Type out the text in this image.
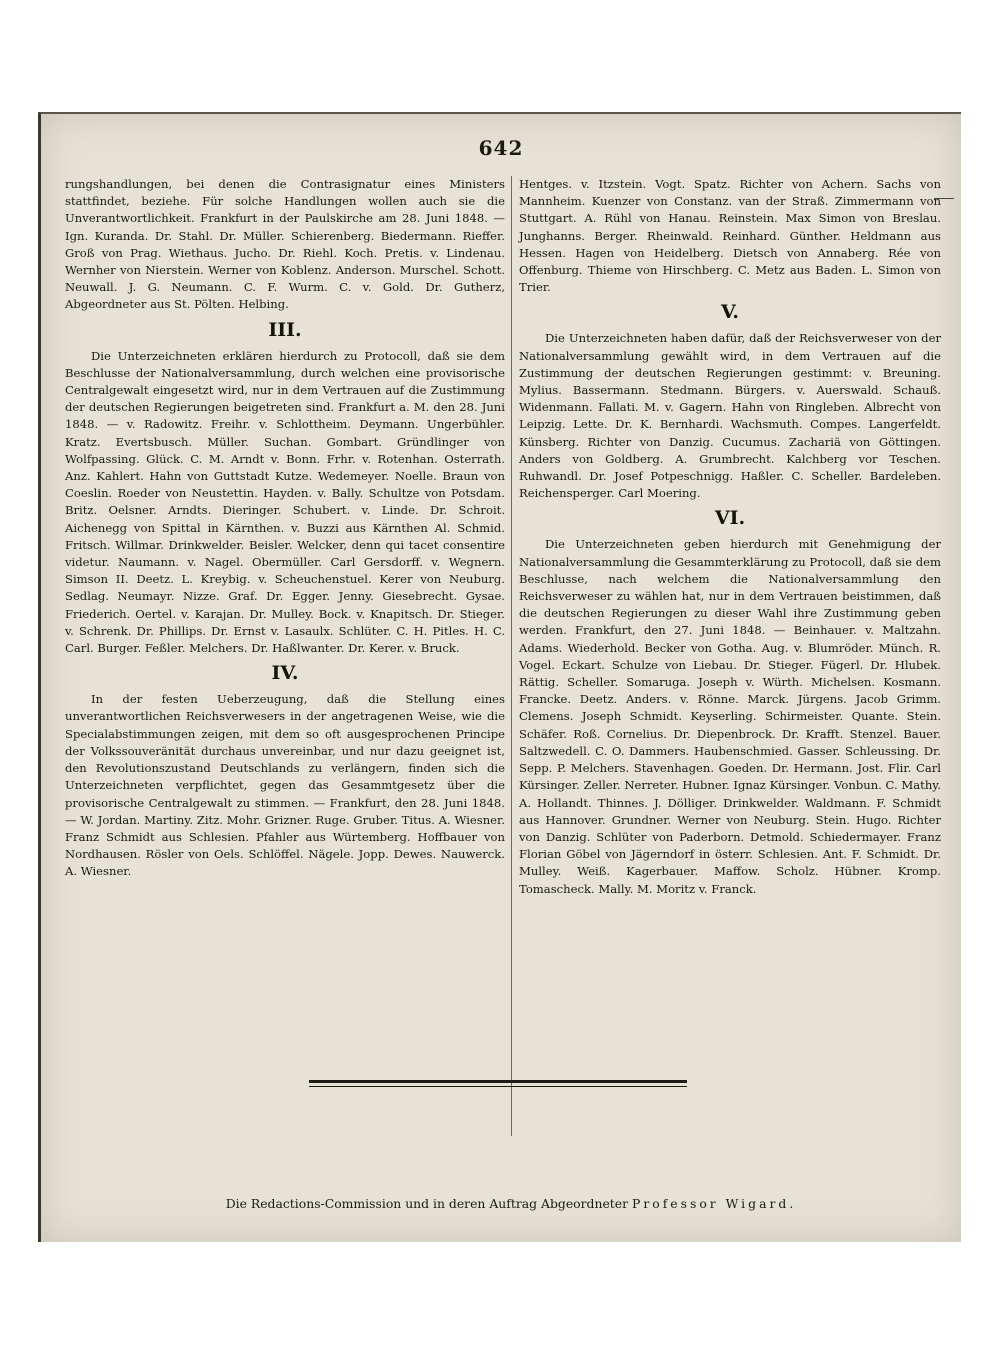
642

rungshandlungen, bei denen die Contrasignatur eines Ministers stattfindet, beziehe. Für solche Handlungen wollen auch sie die Unverantwortlichkeit. Frankfurt in der Paulskirche am 28. Juni 1848. — Ign. Kuranda. Dr. Stahl. Dr. Müller. Schierenberg. Biedermann. Rieffer. Groß von Prag. Wiethaus. Jucho. Dr. Riehl. Koch. Pretis. v. Lindenau. Wernher von Nierstein. Werner von Koblenz. Anderson. Murschel. Schott. Neuwall. J. G. Neumann. C. F. Wurm. C. v. Gold. Dr. Gutherz, Abgeordneter aus St. Pölten. Helbing.

III.

Die Unterzeichneten erklären hierdurch zu Protocoll, daß sie dem Beschlusse der Nationalversammlung, durch welchen eine provisorische Centralgewalt eingesetzt wird, nur in dem Vertrauen auf die Zustimmung der deutschen Regierungen beigetreten sind. Frankfurt a. M. den 28. Juni 1848. — v. Radowitz. Freihr. v. Schlottheim. Deymann. Ungerbühler. Kratz. Evertsbusch. Müller. Suchan. Gombart. Gründlinger von Wolfpassing. Glück. C. M. Arndt v. Bonn. Frhr. v. Rotenhan. Osterrath. Anz. Kahlert. Hahn von Guttstadt Kutze. Wedemeyer. Noelle. Braun von Coeslin. Roeder von Neustettin. Hayden. v. Bally. Schultze von Potsdam. Britz. Oelsner. Arndts. Dieringer. Schubert. v. Linde. Dr. Schroit. Aichenegg von Spittal in Kärnthen. v. Buzzi aus Kärnthen Al. Schmid. Fritsch. Willmar. Drinkwelder. Beisler. Welcker, denn qui tacet consentire videtur. Naumann. v. Nagel. Obermüller. Carl Gersdorff. v. Wegnern. Simson II. Deetz. L. Kreybig. v. Scheuchenstuel. Kerer von Neuburg. Sedlag. Neumayr. Nizze. Graf. Dr. Egger. Jenny. Giesebrecht. Gysae. Friederich. Oertel. v. Karajan. Dr. Mulley. Bock. v. Knapitsch. Dr. Stieger. v. Schrenk. Dr. Phillips. Dr. Ernst v. Lasaulx. Schlüter. C. H. Pitles. H. C. Carl. Burger. Feßler. Melchers. Dr. Haßlwanter. Dr. Kerer. v. Bruck.

IV.

In der festen Ueberzeugung, daß die Stellung eines unverantwortlichen Reichsverwesers in der angetragenen Weise, wie die Specialabstimmungen zeigen, mit dem so oft ausgesprochenen Principe der Volkssouveränität durchaus unvereinbar, und nur dazu geeignet ist, den Revolutionszustand Deutschlands zu verlängern, finden sich die Unterzeichneten verpflichtet, gegen das Gesammtgesetz über die provisorische Centralgewalt zu stimmen. — Frankfurt, den 28. Juni 1848. — W. Jordan. Martiny. Zitz. Mohr. Grizner. Ruge. Gruber. Titus. A. Wiesner. Franz Schmidt aus Schlesien. Pfahler aus Würtemberg. Hoffbauer von Nordhausen. Rösler von Oels. Schlöffel. Nägele. Jopp. Dewes. Nauwerck. A. Wiesner.

Hentges. v. Itzstein. Vogt. Spatz. Richter von Achern. Sachs von Mannheim. Kuenzer von Constanz. van der Straß. Zimmermann von Stuttgart. A. Rühl von Hanau. Reinstein. Max Simon von Breslau. Junghanns. Berger. Rheinwald. Reinhard. Günther. Heldmann aus Hessen. Hagen von Heidelberg. Dietsch von Annaberg. Rée von Offenburg. Thieme von Hirschberg. C. Metz aus Baden. L. Simon von Trier.

V.

Die Unterzeichneten haben dafür, daß der Reichsverweser von der Nationalversammlung gewählt wird, in dem Vertrauen auf die Zustimmung der deutschen Regierungen gestimmt: v. Breuning. Mylius. Bassermann. Stedmann. Bürgers. v. Auerswald. Schauß. Widenmann. Fallati. M. v. Gagern. Hahn von Ringleben. Albrecht von Leipzig. Lette. Dr. K. Bernhardi. Wachsmuth. Compes. Langerfeldt. Künsberg. Richter von Danzig. Cucumus. Zachariä von Göttingen. Anders von Goldberg. A. Grumbrecht. Kalchberg vor Teschen. Ruhwandl. Dr. Josef Potpeschnigg. Haßler. C. Scheller. Bardeleben. Reichensperger. Carl Moering.

VI.

Die Unterzeichneten geben hierdurch mit Genehmigung der Nationalversammlung die Gesammterklärung zu Protocoll, daß sie dem Beschlusse, nach welchem die Nationalversammlung den Reichsverweser zu wählen hat, nur in dem Vertrauen beistimmen, daß die deutschen Regierungen zu dieser Wahl ihre Zustimmung geben werden. Frankfurt, den 27. Juni 1848. — Beinhauer. v. Maltzahn. Adams. Wiederhold. Becker von Gotha. Aug. v. Blumröder. Münch. R. Vogel. Eckart. Schulze von Liebau. Dr. Stieger. Fügerl. Dr. Hlubek. Rättig. Scheller. Somaruga. Joseph v. Würth. Michelsen. Kosmann. Francke. Deetz. Anders. v. Rönne. Marck. Jürgens. Jacob Grimm. Clemens. Joseph Schmidt. Keyserling. Schirmeister. Quante. Stein. Schäfer. Roß. Cornelius. Dr. Diepenbrock. Dr. Krafft. Stenzel. Bauer. Saltzwedell. C. O. Dammers. Haubenschmied. Gasser. Schleussing. Dr. Sepp. P. Melchers. Stavenhagen. Goeden. Dr. Hermann. Jost. Flir. Carl Kürsinger. Zeller. Nerreter. Hubner. Ignaz Kürsinger. Vonbun. C. Mathy. A. Hollandt. Thinnes. J. Dölliger. Drinkwelder. Waldmann. F. Schmidt aus Hannover. Grundner. Werner von Neuburg. Stein. Hugo. Richter von Danzig. Schlüter von Paderborn. Detmold. Schiedermayer. Franz Florian Göbel von Jägerndorf in österr. Schlesien. Ant. F. Schmidt. Dr. Mulley. Weiß. Kagerbauer. Maffow. Scholz. Hübner. Kromp. Tomascheck. Mally. M. Moritz v. Franck.

Die Redactions-Commission und in deren Auftrag Abgeordneter Professor Wigard.
